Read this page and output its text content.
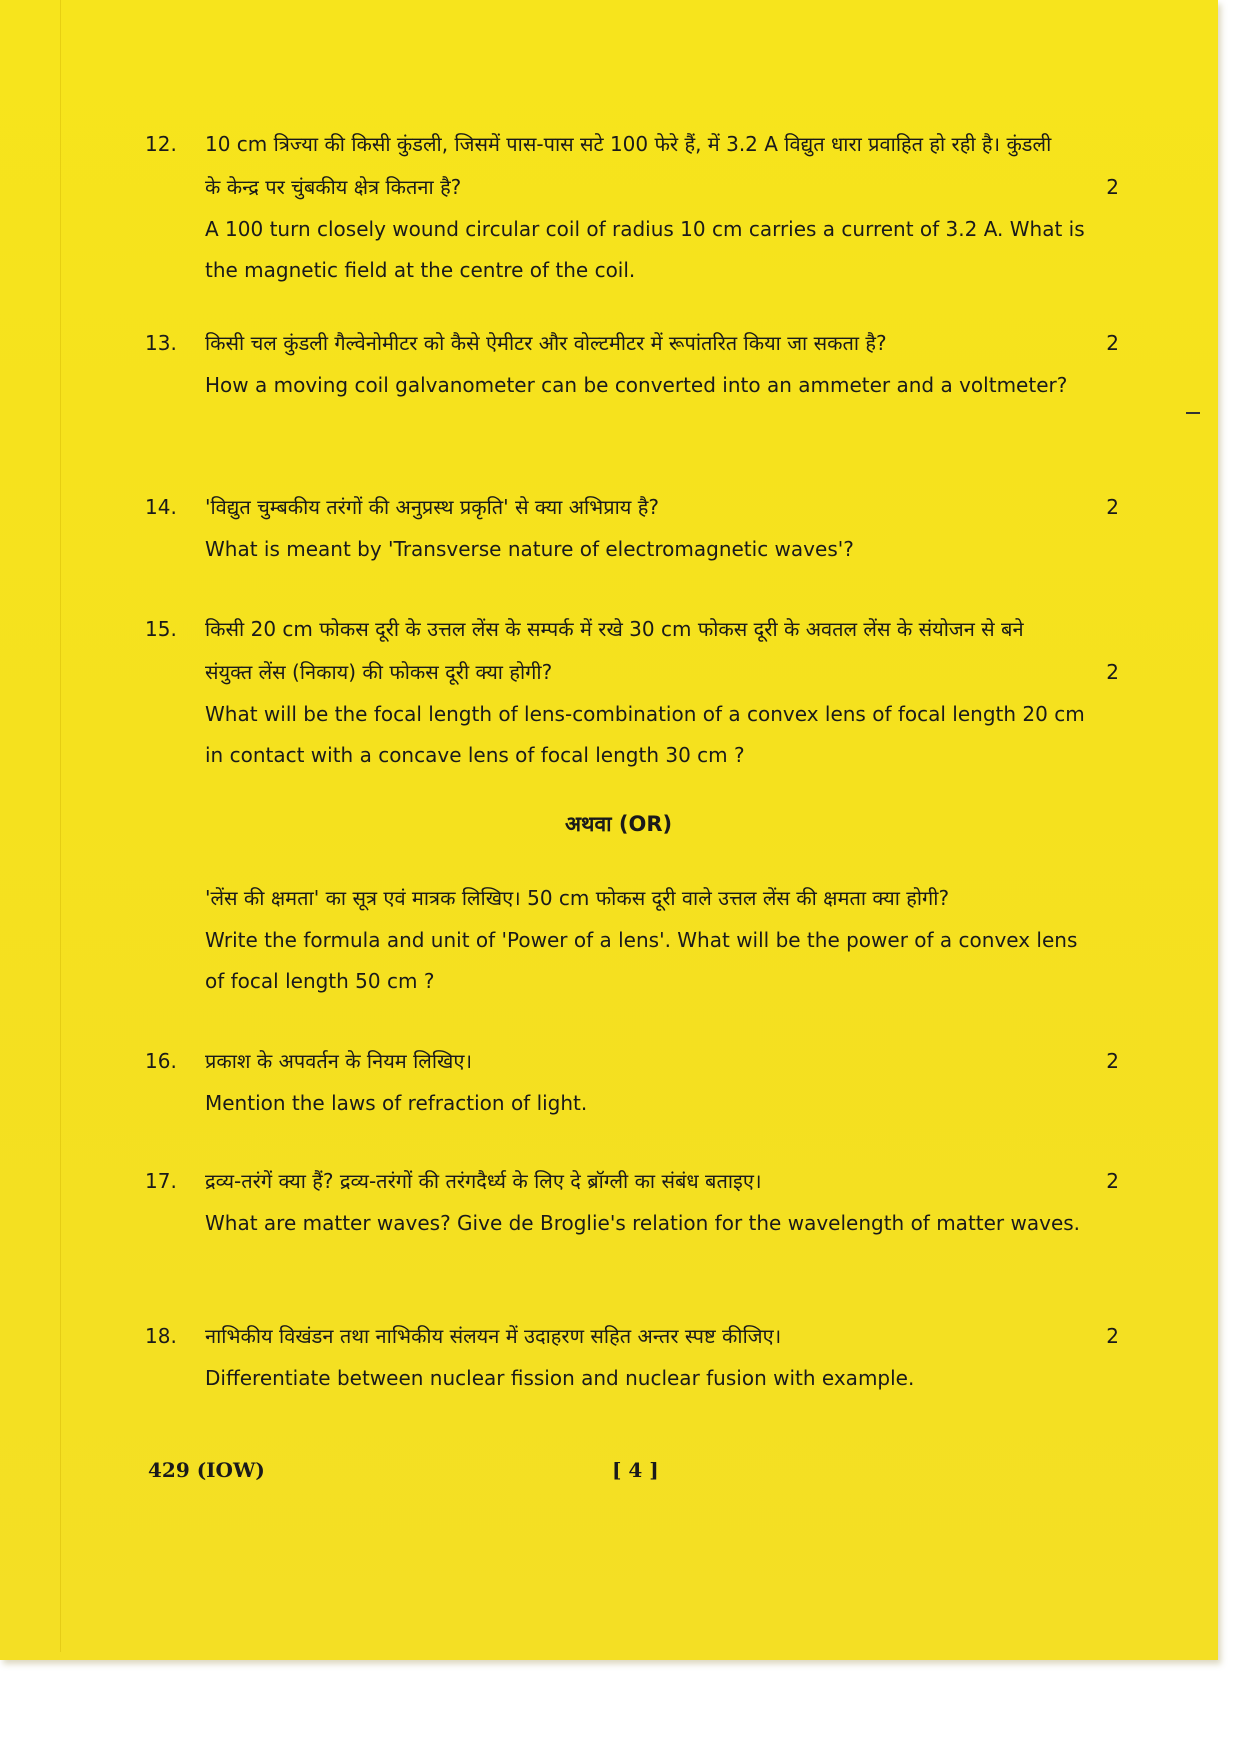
12.	10 cm त्रिज्या की किसी कुंडली, जिसमें पास-पास सटे 100 फेरे हैं, में 3.2 A विद्युत धारा प्रवाहित हो रही है। कुंडली के केन्द्र पर चुंबकीय क्षेत्र कितना है?	2
A 100 turn closely wound circular coil of radius 10 cm carries a current of 3.2 A. What is the magnetic field at the centre of the coil.
13.	किसी चल कुंडली गैल्वेनोमीटर को कैसे ऐमीटर और वोल्टमीटर में रूपांतरित किया जा सकता है?	2
How a moving coil galvanometer can be converted into an ammeter and a voltmeter?
14.	'विद्युत चुम्बकीय तरंगों की अनुप्रस्थ प्रकृति' से क्या अभिप्राय है?	2
What is meant by 'Transverse nature of electromagnetic waves'?
15.	किसी 20 cm फोकस दूरी के उत्तल लेंस के सम्पर्क में रखे 30 cm फोकस दूरी के अवतल लेंस के संयोजन से बने संयुक्त लेंस (निकाय) की फोकस दूरी क्या होगी?	2
What will be the focal length of lens-combination of a convex lens of focal length 20 cm in contact with a concave lens of focal length 30 cm ?
अथवा (OR)
'लेंस की क्षमता' का सूत्र एवं मात्रक लिखिए। 50 cm फोकस दूरी वाले उत्तल लेंस की क्षमता क्या होगी?
Write the formula and unit of 'Power of a lens'. What will be the power of a convex lens of focal length 50 cm ?
16.	प्रकाश के अपवर्तन के नियम लिखिए।	2
Mention the laws of refraction of light.
17.	द्रव्य-तरंगें क्या हैं? द्रव्य-तरंगों की तरंगदैर्ध्य के लिए दे ब्रॉग्ली का संबंध बताइए।	2
What are matter waves? Give de Broglie's relation for the wavelength of matter waves.
18.	नाभिकीय विखंडन तथा नाभिकीय संलयन में उदाहरण सहित अन्तर स्पष्ट कीजिए।	2
Differentiate between nuclear fission and nuclear fusion with example.
429 (IOW)	[ 4 ]
